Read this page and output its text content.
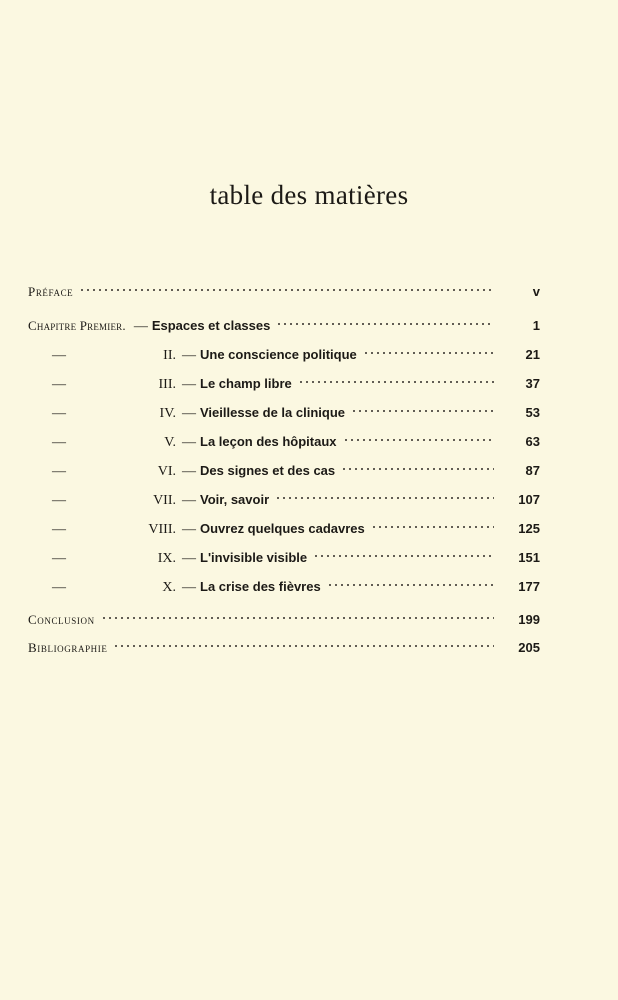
table des matières
Préface	v
Chapitre Premier. — Espaces et classes	1
—	II. — Une conscience politique	21
—	III. — Le champ libre	37
—	IV. — Vieillesse de la clinique	53
—	V. — La leçon des hôpitaux	63
—	VI. — Des signes et des cas	87
—	VII. — Voir, savoir	107
—	VIII. — Ouvrez quelques cadavres	125
—	IX. — L'invisible visible	151
—	X. — La crise des fièvres	177
Conclusion	199
Bibliographie	205
